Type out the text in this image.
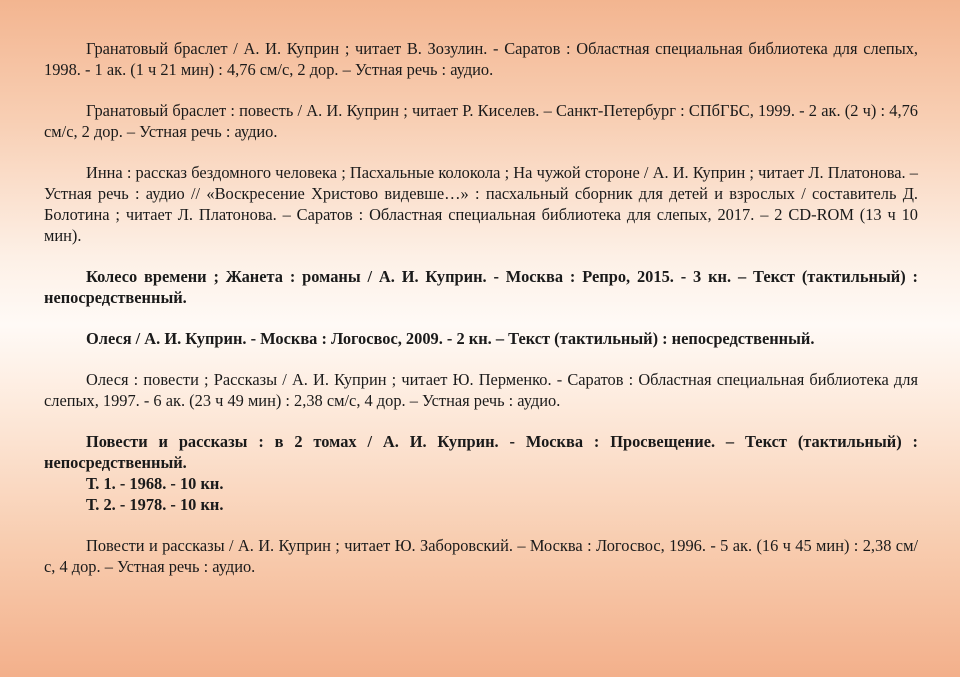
Гранатовый браслет / А. И. Куприн ; читает В. Зозулин. - Саратов : Областная специальная библиотека для слепых, 1998. - 1 ак. (1 ч 21 мин) : 4,76 см/с, 2 дор. – Устная речь : аудио.

Гранатовый браслет : повесть / А. И. Куприн ; читает Р. Киселев. – Санкт-Петербург : СПбГБС, 1999. - 2 ак. (2 ч) : 4,76 см/с, 2 дор. – Устная речь : аудио.

Инна : рассказ бездомного человека ; Пасхальные колокола ; На чужой стороне / А. И. Куприн ; читает Л. Платонова. – Устная речь : аудио // «Воскресение Христово видевше…» : пасхальный сборник для детей и взрослых / составитель Д. Болотина ; читает Л. Платонова. – Саратов : Областная специальная библиотека для слепых, 2017. – 2 CD-ROM (13 ч 10 мин).

Колесо времени ; Жанета : романы / А. И. Куприн. - Москва : Репро, 2015. - 3 кн. – Текст (тактильный) : непосредственный.

Олеся / А. И. Куприн. - Москва : Логосвос, 2009. - 2 кн. – Текст (тактильный) : непосредственный.

Олеся : повести ; Рассказы / А. И. Куприн ; читает Ю. Перменко. - Саратов : Областная специальная библиотека для слепых, 1997. - 6 ак. (23 ч 49 мин) : 2,38 см/с, 4 дор. – Устная речь : аудио.

Повести и рассказы : в 2 томах / А. И. Куприн. - Москва : Просвещение. – Текст (тактильный) : непосредственный.

Т. 1. - 1968. - 10 кн.

Т. 2. - 1978. - 10 кн.

Повести и рассказы / А. И. Куприн ; читает Ю. Заборовский. – Москва : Логосвос, 1996. - 5 ак. (16 ч 45 мин) : 2,38 см/с, 4 дор. – Устная речь : аудио.
